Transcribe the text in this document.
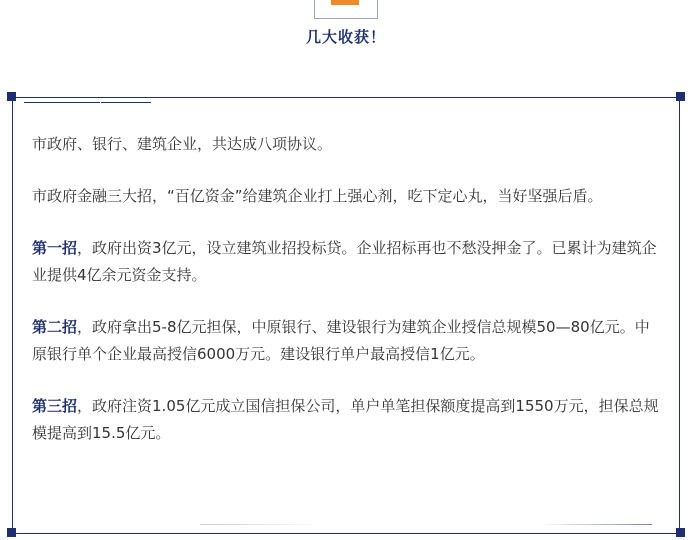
几大收获！

市政府、银行、建筑企业，共达成八项协议。

市政府金融三大招，“百亿资金”给建筑企业打上强心剂，吃下定心丸，当好坚强后盾。

第一招，政府出资3亿元，设立建筑业招投标贷。企业招标再也不愁没押金了。已累计为建筑企业提供4亿余元资金支持。

第二招，政府拿出5-8亿元担保，中原银行、建设银行为建筑企业授信总规模50—80亿元。中原银行单个企业最高授信6000万元。建设银行单户最高授信1亿元。

第三招，政府注资1.05亿元成立国信担保公司，单户单笔担保额度提高到1550万元，担保总规模提高到15.5亿元。
